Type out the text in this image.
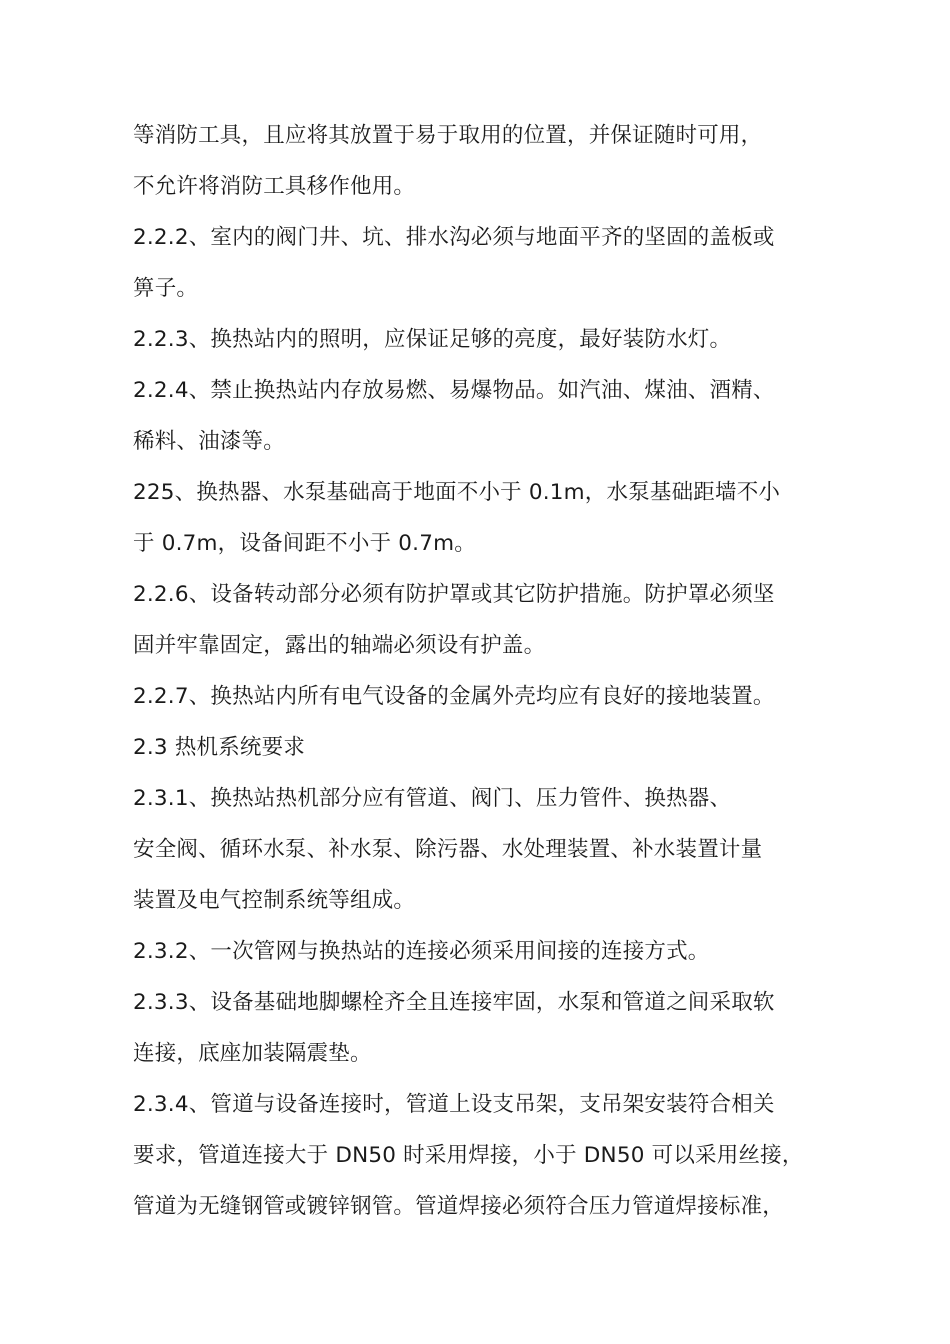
等消防工具，且应将其放置于易于取用的位置，并保证随时可用，
不允许将消防工具移作他用。
2.2.2、室内的阀门井、坑、排水沟必须与地面平齐的坚固的盖板或
箅子。
2.2.3、换热站内的照明，应保证足够的亮度，最好装防水灯。
2.2.4、禁止换热站内存放易燃、易爆物品。如汽油、煤油、酒精、
稀料、油漆等。
225、换热器、水泵基础高于地面不小于 0.1m，水泵基础距墙不小
于 0.7m，设备间距不小于 0.7m。
2.2.6、设备转动部分必须有防护罩或其它防护措施。防护罩必须坚
固并牢靠固定，露出的轴端必须设有护盖。
2.2.7、换热站内所有电气设备的金属外壳均应有良好的接地装置。
2.3 热机系统要求
2.3.1、换热站热机部分应有管道、阀门、压力管件、换热器、
安全阀、循环水泵、补水泵、除污器、水处理装置、补水装置计量
装置及电气控制系统等组成。
2.3.2、一次管网与换热站的连接必须采用间接的连接方式。
2.3.3、设备基础地脚螺栓齐全且连接牢固，水泵和管道之间采取软
连接，底座加装隔震垫。
2.3.4、管道与设备连接时，管道上设支吊架，支吊架安装符合相关
要求，管道连接大于 DN50 时采用焊接，小于 DN50 可以采用丝接，
管道为无缝钢管或镀锌钢管。管道焊接必须符合压力管道焊接标准，
